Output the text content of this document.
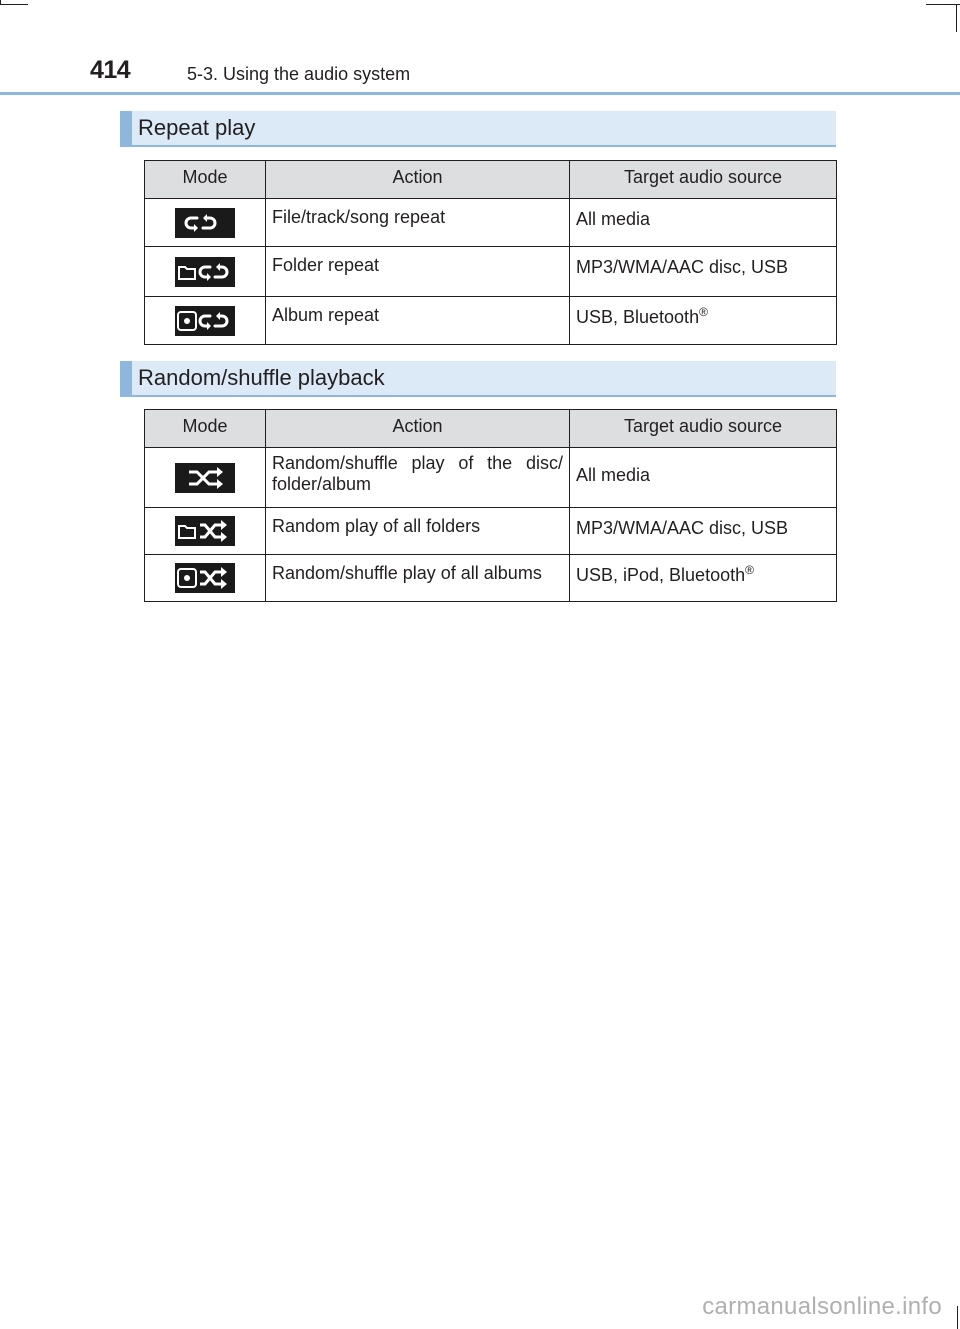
414	5-3. Using the audio system
Repeat play
Mode	Action	Target audio source

	File/track/song repeat	All media

	Folder repeat	MP3/WMA/AAC disc, USB

	Album repeat	USB, Bluetooth®
Random/shuffle playback
Mode	Action	Target audio source

	Random/shuffle play of the disc/ folder/album	All media

	Random play of all folders	MP3/WMA/AAC disc, USB

	Random/shuffle play of all albums	USB, iPod, Bluetooth®
carmanualsonline.info
